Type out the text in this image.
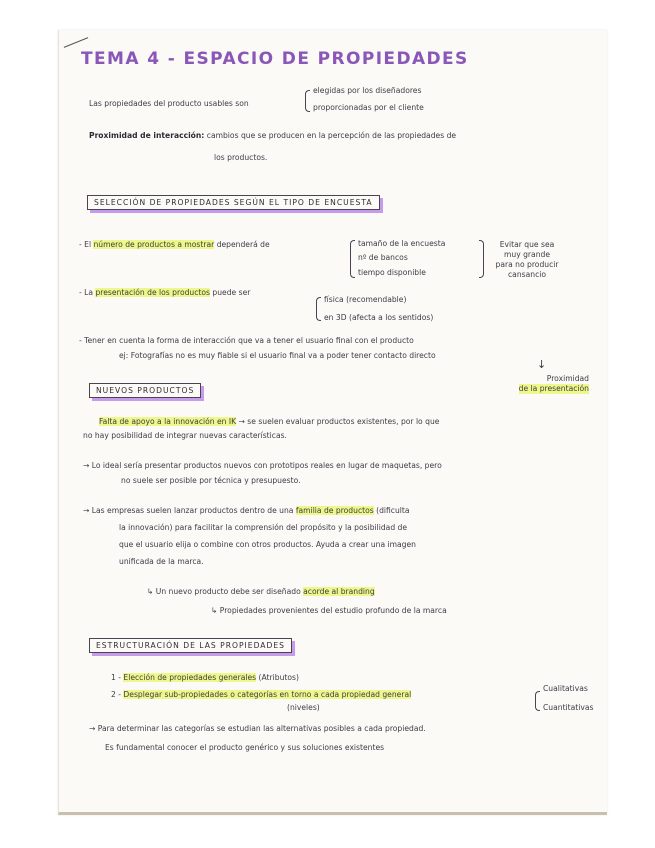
TEMA 4 - ESPACIO DE PROPIEDADES
Las propiedades del producto usables son
elegidas por los diseñadores
proporcionadas por el cliente
Proximidad de interacción: cambios que se producen en la percepción de las propiedades de
los productos.
SELECCIÓN DE PROPIEDADES SEGÚN EL TIPO DE ENCUESTA
- El número de productos a mostrar dependerá de	tamaño de la encuesta
nº de bancos
tiempo disponible
Evitar que sea
muy grande
para no producir
cansancio
- La presentación de los productos puede ser
física (recomendable)
en 3D (afecta a los sentidos)
- Tener en cuenta la forma de interacción que va a tener el usuario final con el producto
ej: Fotografías no es muy fiable si el usuario final va a poder tener contacto directo
↓
Proximidad
de la presentación
NUEVOS PRODUCTOS
Falta de apoyo a la innovación en IK → se suelen evaluar productos existentes, por lo que
no hay posibilidad de integrar nuevas características.
→ Lo ideal sería presentar productos nuevos con prototipos reales en lugar de maquetas, pero
no suele ser posible por técnica y presupuesto.
→ Las empresas suelen lanzar productos dentro de una familia de productos (dificulta
la innovación) para facilitar la comprensión del propósito y la posibilidad de
que el usuario elija o combine con otros productos. Ayuda a crear una imagen
unificada de la marca.
↳ Un nuevo producto debe ser diseñado acorde al branding
↳ Propiedades provenientes del estudio profundo de la marca
ESTRUCTURACIÓN DE LAS PROPIEDADES
1 - Elección de propiedades generales (Atributos)
2 - Desplegar sub-propiedades o categorías en torno a cada propiedad general
(niveles)
Cualitativas
Cuantitativas
→ Para determinar las categorías se estudian las alternativas posibles a cada propiedad.
Es fundamental conocer el producto genérico y sus soluciones existentes
